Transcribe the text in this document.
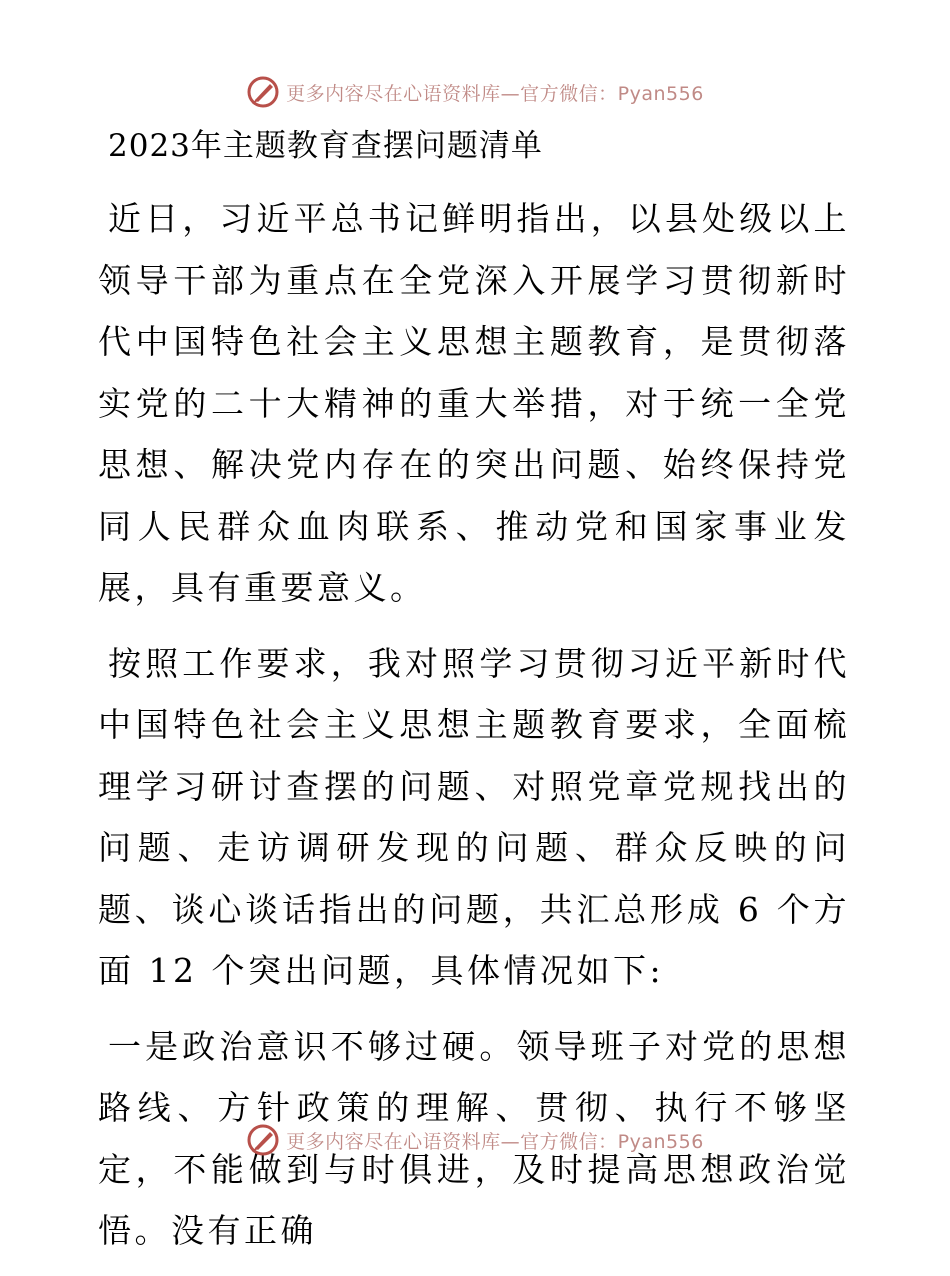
更多内容尽在心语资料库—官方微信：Pyan556
2023年主题教育查摆问题清单

近日，习近平总书记鲜明指出，以县处级以上领导干部为重点在全党深入开展学习贯彻新时代中国特色社会主义思想主题教育，是贯彻落实党的二十大精神的重大举措，对于统一全党思想、解决党内存在的突出问题、始终保持党同人民群众血肉联系、推动党和国家事业发展，具有重要意义。

按照工作要求，我对照学习贯彻习近平新时代中国特色社会主义思想主题教育要求，全面梳理学习研讨查摆的问题、对照党章党规找出的问题、走访调研发现的问题、群众反映的问题、谈心谈话指出的问题，共汇总形成 6 个方面 12 个突出问题，具体情况如下:

一是政治意识不够过硬。领导班子对党的思想路线、方针政策的理解、贯彻、执行不够坚定，不能做到与时俱进，及时提高思想政治觉悟。没有正确

更多内容尽在心语资料库—官方微信：Pyan556
